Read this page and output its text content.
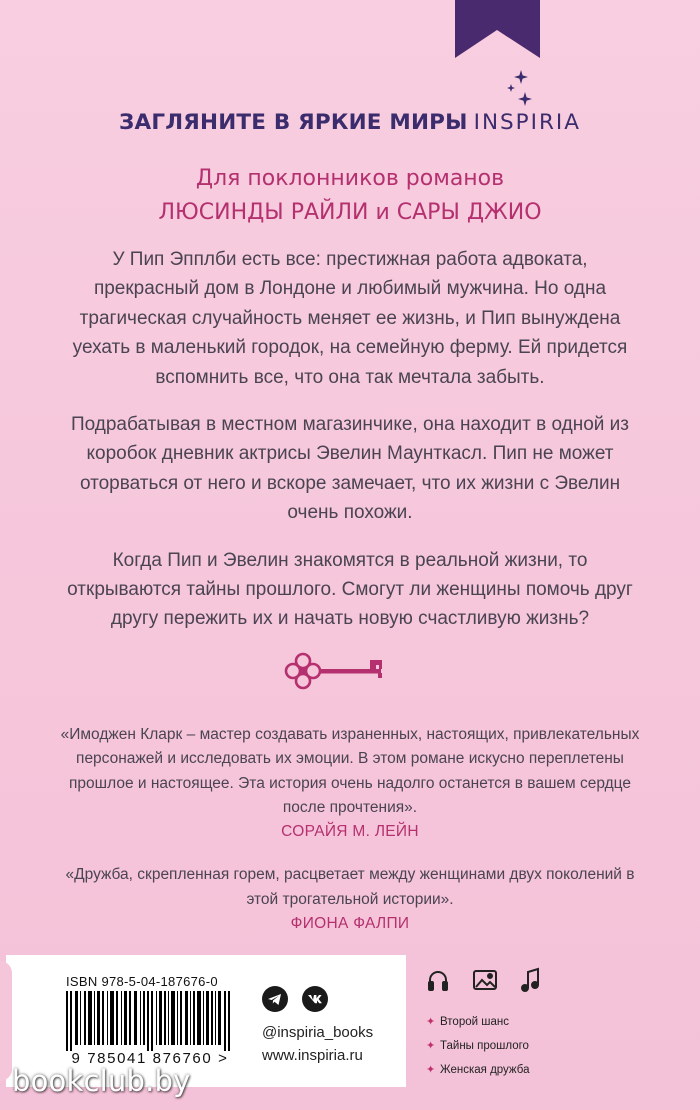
ЗАГЛЯНИТЕ В ЯРКИЕ МИРЫ INSPIRIA
Для поклонников романов
ЛЮСИНДЫ РАЙЛИ и САРЫ ДЖИО

У Пип Эпплби есть все: престижная работа адвоката, прекрасный дом в Лондоне и любимый мужчина. Но одна трагическая случайность меняет ее жизнь, и Пип вынуждена уехать в маленький городок, на семейную ферму. Ей придется вспомнить все, что она так мечтала забыть.

Подрабатывая в местном магазинчике, она находит в одной из коробок дневник актрисы Эвелин Маунткасл. Пип не может оторваться от него и вскоре замечает, что их жизни с Эвелин очень похожи.

Когда Пип и Эвелин знакомятся в реальной жизни, то открываются тайны прошлого. Смогут ли женщины помочь друг другу пережить их и начать новую счастливую жизнь?

«Имоджен Кларк – мастер создавать израненных, настоящих, привлекательных персонажей и исследовать их эмоции. В этом романе искусно переплетены прошлое и настоящее. Эта история очень надолго останется в вашем сердце после прочтения».

СОРАЙЯ М. ЛЕЙН

«Дружба, скрепленная горем, расцветает между женщинами двух поколений в этой трогательной истории».

ФИОНА ФАЛПИ

ISBN 978-5-04-187676-0
9 785041 876760 >

@inspiria_books
www.inspiria.ru
✦ Второй шанс
✦ Тайны прошлого
✦ Женская дружба
bookclub.by
